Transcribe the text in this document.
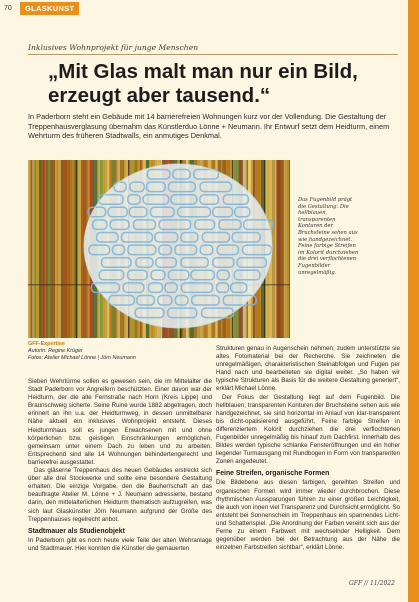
70	GLASKUNST
Inklusives Wohnprojekt für junge Menschen
„Mit Glas malt man nur ein Bild, erzeugt aber tausend.“

In Paderborn steht ein Gebäude mit 14 barrierefreien Wohnungen kurz vor der Vollendung. Die Gestaltung der Treppenhausverglasung übernahm das Künstlerduo Lönne + Neumann. Ihr Entwurf setzt dem Heidturm, einem Wehrturm des früheren Stadtwalls, ein anmutiges Denkmal.

Das Fugenbild prägt die Gestaltung: Die hellblauen, transparenten Konturen der Bruchsteine sehen aus wie handgezeichnet. Feine farbige Streifen im Kolorit durchziehen die drei verflochtenen Fugenbilder unregelmäßig.

GFF-Expertise
Autorin: Regine Krüger
Fotos: Atelier Michael Lönne | Jörn Neumann

Sieben Wehrtürme sollen es gewesen sein, die im Mittelalter die Stadt Paderborn vor Angreifern beschützten. Einer davon war der Heidturm, der die alte Fernstraße nach Horn (Kreis Lippe) und Braunschweig sicherte. Seine Ruine wurde 1882 abgetragen, doch erinnert an ihn u.a. der Heidturmweg, in dessen unmittelbarer Nähe aktuell ein inklusives Wohnprojekt entsteht. Dieses Heidturmhaus soll es jungen Erwachsenen mit und ohne körperlichen bzw. geistigen Einschränkungen ermöglichen, gemeinsam unter einem Dach zu leben und zu arbeiten. Entsprechend sind alle 14 Wohnungen behindertengerecht und barrierefrei ausgestattet.

Das gläserne Treppenhaus des neuen Gebäudes erstreckt sich über alle drei Stockwerke und sollte eine besondere Gestaltung erhalten. Die einzige Vorgabe, den die Bauherrschaft an das beauftragte Atelier M. Lönne + J. Neumann adressierte, bestand darin, den mittelalterlichen Heidturm thematisch aufzugreifen, was sich laut Glaskünstler Jörn Neumann aufgrund der Größe des Treppenhauses regelrecht anbot.

Stadtmauer als Studienobjekt

In Paderborn gibt es noch heute viele Teile der alten Wehranlage und Stadtmauer. Hier konnten die Künstler die gemauerten

Strukturen genau in Augenschein nehmen; zudem unterstützte sie altes Fotomaterial bei der Recherche. Sie zeichneten die unregelmäßigen, charakteristischen Steinabfolgen und Fugen per Hand nach und bearbeiteten sie digital weiter. „So haben wir typische Strukturen als Basis für die weitere Gestaltung generiert“, erklärt Michael Lönne.

Der Fokus der Gestaltung liegt auf dem Fugenbild. Die hellblauen, transparenten Konturen der Bruchsteine sehen aus wie handgezeichnet, sie sind horizontal im Anlauf von klar-transparent bis dicht-opalisierend ausgeführt. Feine farbige Streifen in differenziertem Kolorit durchziehen die drei verflochtenen Fugenbilder unregelmäßig bis hinauf zum Dachfirst. Innerhalb des Bildes werden typische schlanke Fensteröffnungen und ein hoher liegender Turmausgang mit Rundbogen in Form von transparenten Zonen angedeutet.

Feine Streifen, organische Formen

Die Bildebene aus diesen farbigen, gereihten Streifen und organischen Formen wird immer wieder durchbrochen. Diese rhythmischen Aussparungen führen zu einer großen Leichtigkeit, die auch von innen viel Transparenz und Durchsicht ermöglicht. So entsteht bei Sonnenschein im Treppenhaus ein spannendes Licht- und Schattenspiel. „Die Anordnung der Farben vereint sich aus der Ferne zu einem Farbwert mit wechselnder Helligkeit. Dem gegenüber werden bei der Betrachtung aus der Nähe die einzelnen Farbstreifen sichtbar“, erklärt Lönne.

GFF // 11/2022
